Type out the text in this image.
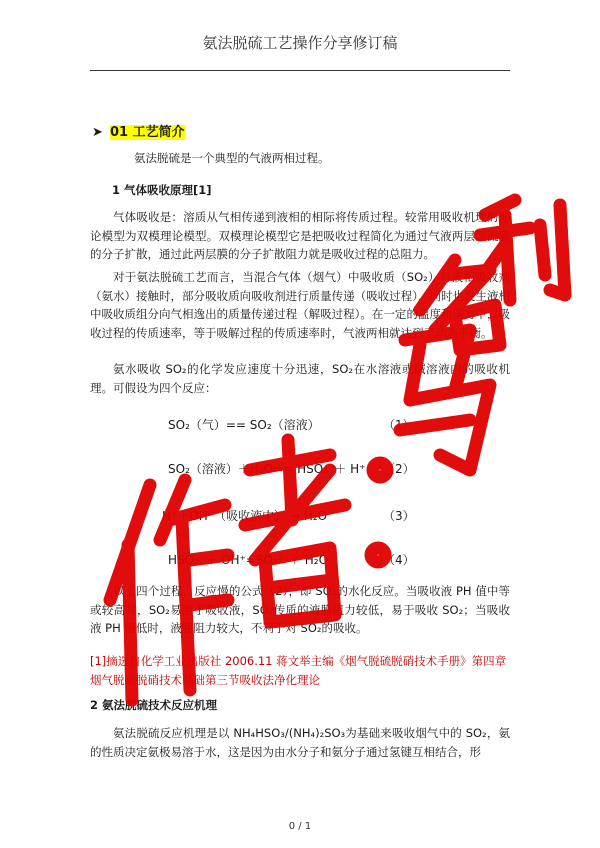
氨法脱硫工艺操作分享修订稿
➤ 01 工艺简介
氨法脱硫是一个典型的气液两相过程。
1 气体吸收原理[1]
气体吸收是：溶质从气相传递到液相的相际将传质过程。较常用吸收机理的理论模型为双模理论模型。双模理论模型它是把吸收过程简化为通过气液两层层流膜的分子扩散，通过此两层膜的分子扩散阻力就是吸收过程的总阻力。
对于氨法脱硫工艺而言，当混合气体（烟气）中吸收质（SO₂）与液相吸收剂（氨水）接触时，部分吸收质向吸收剂进行质量传递（吸收过程），同时也发生液相中吸收质组分向气相逸出的质量传递过程（解吸过程）。在一定的温度和压力下，吸收过程的传质速率，等于吸解过程的传质速率时，气液两相就达到了动态平衡。
氨水吸收 SO₂的化学发应速度十分迅速，SO₂在水溶液或碱溶液内的吸收机理。可假设为四个反应：
SO₂（气）== SO₂（溶液）	（1）
SO₂（溶液）＋H₂O== HSO₃⁻＋ H⁺ （2）
H⁺＋OH⁻（吸收液中） → H₂O	（3）
HSO₂⁻＋ OH⁺=SO₃²⁻＋ H₂O	（4）
以上四个过程，反应慢的公式（2），即 SO₂的水化反应。当吸收液 PH 值中等或较高时，SO₂易溶于吸收液，SO₂传质的液膜阻力较低，易于吸收 SO₂；当吸收液 PH 值低时，液膜阻力较大，不利于对 SO₂的吸收。
[1]摘选自化学工业出版社 2006.11 蒋文举主编《烟气脱硫脱硝技术手册》第四章烟气脱硫脱硝技术基础第三节吸收法净化理论
2 氨法脱硫技术反应机理
氨法脱硫反应机理是以 NH₄HSO₃/(NH₄)₂SO₃为基础来吸收烟气中的 SO₂，氨的性质决定氨极易溶于水，这是因为由水分子和氨分子通过氢键互相结合，形
0 / 1
